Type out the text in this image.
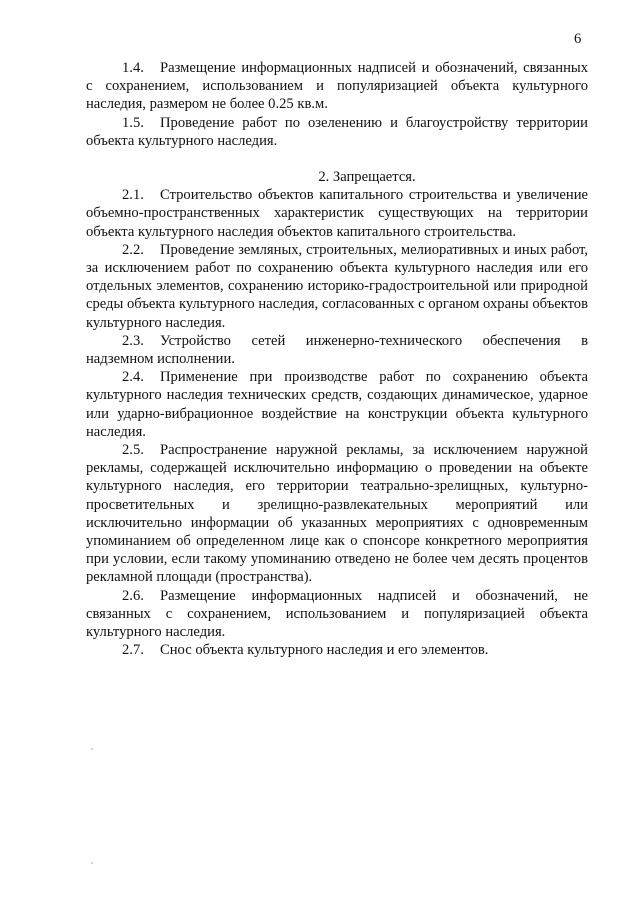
6

1.4. Размещение информационных надписей и обозначений, связанных с сохранением, использованием и популяризацией объекта культурного наследия, размером не более 0.25 кв.м.

1.5. Проведение работ по озеленению и благоустройству территории объекта культурного наследия.

2. Запрещается.

2.1. Строительство объектов капитального строительства и увеличение объемно-пространственных характеристик существующих на территории объекта культурного наследия объектов капитального строительства.

2.2. Проведение земляных, строительных, мелиоративных и иных работ, за исключением работ по сохранению объекта культурного наследия или его отдельных элементов, сохранению историко-градостроительной или природной среды объекта культурного наследия, согласованных с органом охраны объектов культурного наследия.

2.3. Устройство сетей инженерно-технического обеспечения в надземном исполнении.

2.4. Применение при производстве работ по сохранению объекта культурного наследия технических средств, создающих динамическое, ударное или ударно-вибрационное воздействие на конструкции объекта культурного наследия.

2.5. Распространение наружной рекламы, за исключением наружной рекламы, содержащей исключительно информацию о проведении на объекте культурного наследия, его территории театрально-зрелищных, культурно-просветительных и зрелищно-развлекательных мероприятий или исключительно информации об указанных мероприятиях с одновременным упоминанием об определенном лице как о спонсоре конкретного мероприятия при условии, если такому упоминанию отведено не более чем десять процентов рекламной площади (пространства).

2.6. Размещение информационных надписей и обозначений, не связанных с сохранением, использованием и популяризацией объекта культурного наследия.

2.7. Снос объекта культурного наследия и его элементов.
